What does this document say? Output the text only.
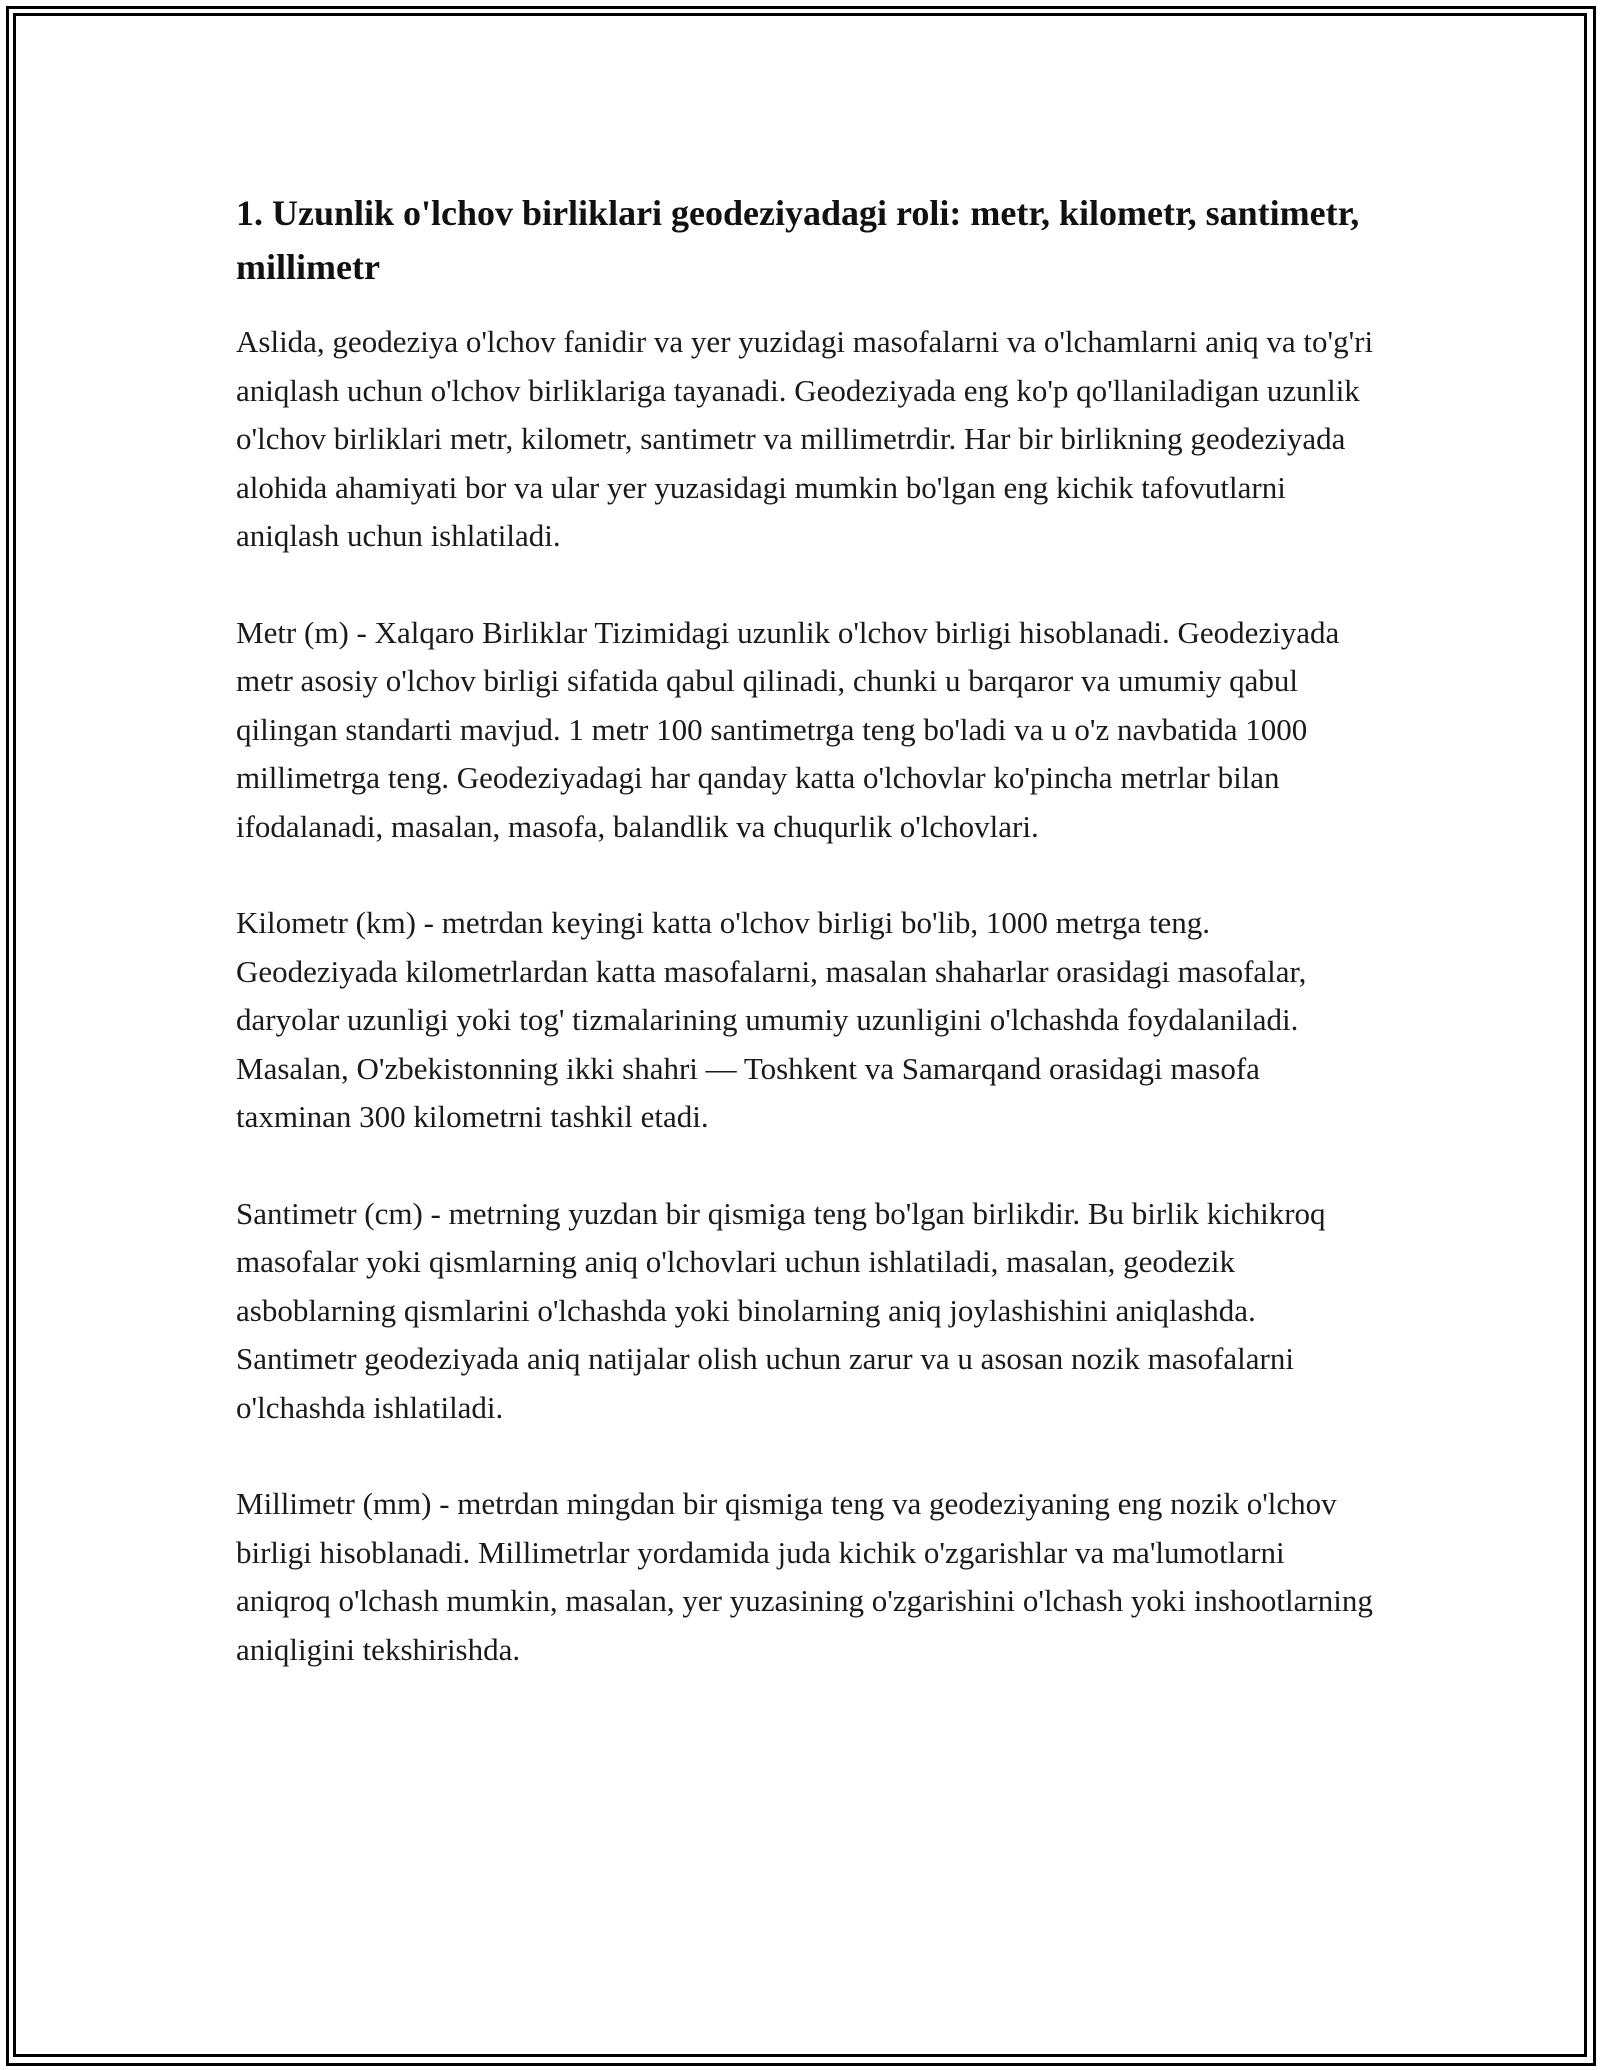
1. Uzunlik o'lchov birliklari geodeziyadagi roli: metr, kilometr, santimetr, millimetr

Aslida, geodeziya o'lchov fanidir va yer yuzidagi masofalarni va o'lchamlarni aniq va to'g'ri aniqlash uchun o'lchov birliklariga tayanadi. Geodeziyada eng ko'p qo'llaniladigan uzunlik o'lchov birliklari metr, kilometr, santimetr va millimetrdir. Har bir birlikning geodeziyada alohida ahamiyati bor va ular yer yuzasidagi mumkin bo'lgan eng kichik tafovutlarni aniqlash uchun ishlatiladi.

Metr (m) - Xalqaro Birliklar Tizimidagi uzunlik o'lchov birligi hisoblanadi. Geodeziyada metr asosiy o'lchov birligi sifatida qabul qilinadi, chunki u barqaror va umumiy qabul qilingan standarti mavjud. 1 metr 100 santimetrga teng bo'ladi va u o'z navbatida 1000 millimetrga teng. Geodeziyadagi har qanday katta o'lchovlar ko'pincha metrlar bilan ifodalanadi, masalan, masofa, balandlik va chuqurlik o'lchovlari.

Kilometr (km) - metrdan keyingi katta o'lchov birligi bo'lib, 1000 metrga teng. Geodeziyada kilometrlardan katta masofalarni, masalan shaharlar orasidagi masofalar, daryolar uzunligi yoki tog' tizmalarining umumiy uzunligini o'lchashda foydalaniladi. Masalan, O'zbekistonning ikki shahri — Toshkent va Samarqand orasidagi masofa taxminan 300 kilometrni tashkil etadi.

Santimetr (cm) - metrning yuzdan bir qismiga teng bo'lgan birlikdir. Bu birlik kichikroq masofalar yoki qismlarning aniq o'lchovlari uchun ishlatiladi, masalan, geodezik asboblarning qismlarini o'lchashda yoki binolarning aniq joylashishini aniqlashda. Santimetr geodeziyada aniq natijalar olish uchun zarur va u asosan nozik masofalarni o'lchashda ishlatiladi.

Millimetr (mm) - metrdan mingdan bir qismiga teng va geodeziyaning eng nozik o'lchov birligi hisoblanadi. Millimetrlar yordamida juda kichik o'zgarishlar va ma'lumotlarni aniqroq o'lchash mumkin, masalan, yer yuzasining o'zgarishini o'lchash yoki inshootlarning aniqligini tekshirishda.
